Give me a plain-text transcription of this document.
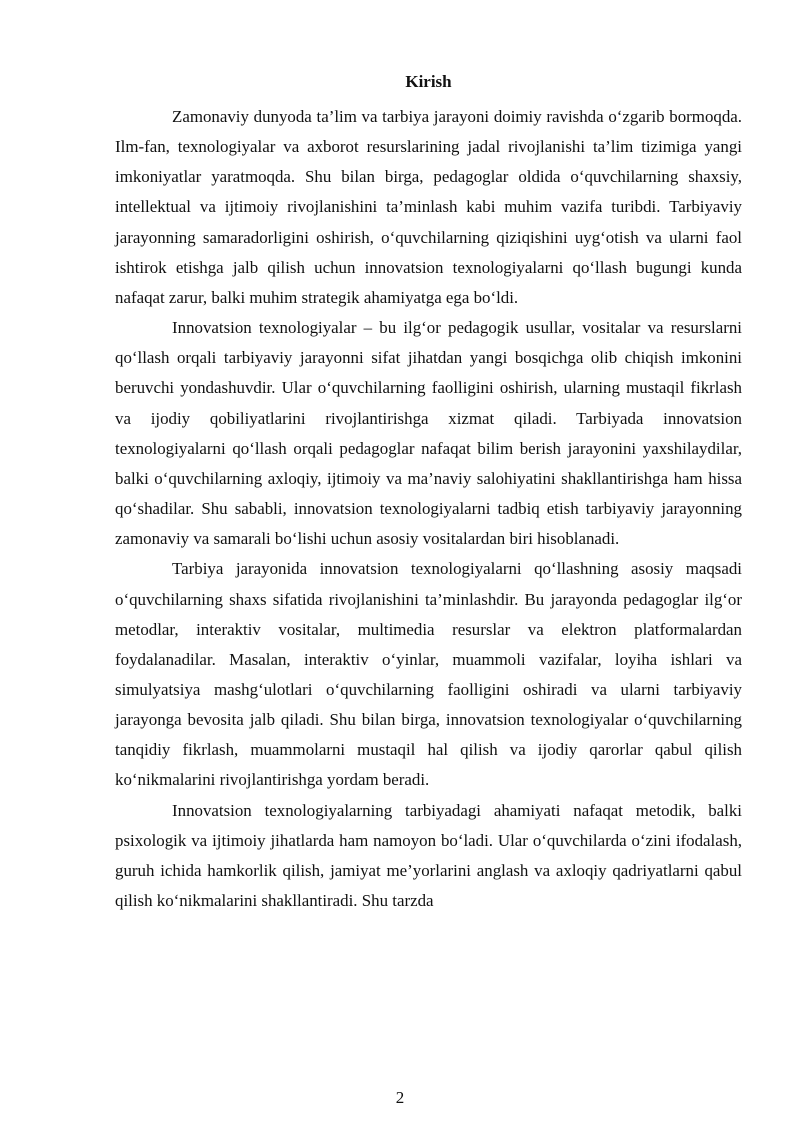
Kirish

Zamonaviy dunyoda ta’lim va tarbiya jarayoni doimiy ravishda o‘zgarib bormoqda. Ilm-fan, texnologiyalar va axborot resurslarining jadal rivojlanishi ta’lim tizimiga yangi imkoniyatlar yaratmoqda. Shu bilan birga, pedagoglar oldida o‘quvchilarning shaxsiy, intellektual va ijtimoiy rivojlanishini ta’minlash kabi muhim vazifa turibdi. Tarbiyaviy jarayonning samaradorligini oshirish, o‘quvchilarning qiziqishini uyg‘otish va ularni faol ishtirok etishga jalb qilish uchun innovatsion texnologiyalarni qo‘llash bugungi kunda nafaqat zarur, balki muhim strategik ahamiyatga ega bo‘ldi.

Innovatsion texnologiyalar – bu ilg‘or pedagogik usullar, vositalar va resurslarni qo‘llash orqali tarbiyaviy jarayonni sifat jihatdan yangi bosqichga olib chiqish imkonini beruvchi yondashuvdir. Ular o‘quvchilarning faolligini oshirish, ularning mustaqil fikrlash va ijodiy qobiliyatlarini rivojlantirishga xizmat qiladi. Tarbiyada innovatsion texnologiyalarni qo‘llash orqali pedagoglar nafaqat bilim berish jarayonini yaxshilaydilar, balki o‘quvchilarning axloqiy, ijtimoiy va ma’naviy salohiyatini shakllantirishga ham hissa qo‘shadilar. Shu sababli, innovatsion texnologiyalarni tadbiq etish tarbiyaviy jarayonning zamonaviy va samarali bo‘lishi uchun asosiy vositalardan biri hisoblanadi.

Tarbiya jarayonida innovatsion texnologiyalarni qo‘llashning asosiy maqsadi o‘quvchilarning shaxs sifatida rivojlanishini ta’minlashdir. Bu jarayonda pedagoglar ilg‘or metodlar, interaktiv vositalar, multimedia resurslar va elektron platformalardan foydalanadilar. Masalan, interaktiv o‘yinlar, muammoli vazifalar, loyiha ishlari va simulyatsiya mashg‘ulotlari o‘quvchilarning faolligini oshiradi va ularni tarbiyaviy jarayonga bevosita jalb qiladi. Shu bilan birga, innovatsion texnologiyalar o‘quvchilarning tanqidiy fikrlash, muammolarni mustaqil hal qilish va ijodiy qarorlar qabul qilish ko‘nikmalarini rivojlantirishga yordam beradi.

Innovatsion texnologiyalarning tarbiyadagi ahamiyati nafaqat metodik, balki psixologik va ijtimoiy jihatlarda ham namoyon bo‘ladi. Ular o‘quvchilarda o‘zini ifodalash, guruh ichida hamkorlik qilish, jamiyat me’yorlarini anglash va axloqiy qadriyatlarni qabul qilish ko‘nikmalarini shakllantiradi. Shu tarzda

2
